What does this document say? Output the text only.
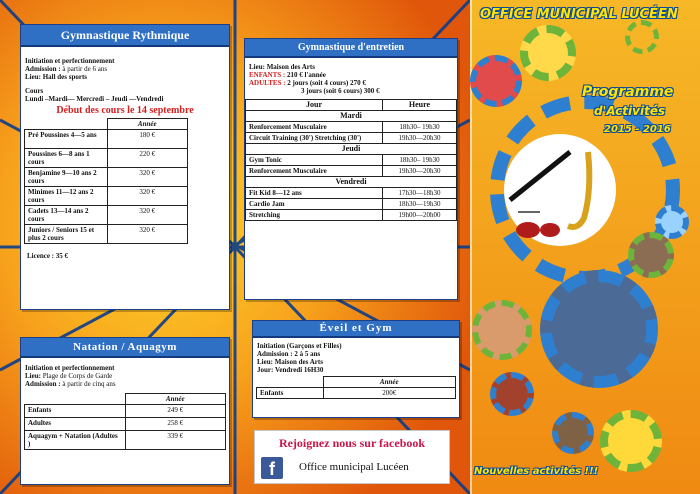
OFFICE MUNICIPAL LUCÉEN
Programme
d'Activités
2015 - 2016
Nouvelles activités !!!
Gymnastique Rythmique
Initiation et perfectionnement
Admission : à partir de 6 ans
Lieu: Hall des sports
Cours
Lundi –Mardi— Mercredi – Jeudi —Vendredi
Début des cours le 14 septembre
	Année
Pré Poussines 4—5 ans	180 €
Poussines 6—8 ans 1 cours	220 €
Benjamine 9—10 ans 2 cours	320 €
Minimes 11—12 ans 2 cours	320 €
Cadets 13—14 ans 2 cours	320 €
Juniors / Seniors 15 et plus 2 cours	320 €
Licence : 35 €
Gymnastique d'entretien
Lieu: Maison des Arts
ENFANTS : 210 € l'année
ADULTES : 2 jours (soit 4 cours) 270 €
3 jours (soit 6 cours) 300 €
Jour	Heure
Mardi	
Renforcement Musculaire	18h30– 19h30
Circuit Training (30') Stretching (30')	19h30—20h30
Jeudi	
Gym Tonic	18h30– 19h30
Renforcement Musculaire	19h30—20h30
Vendredi	
Fit Kid 8—12 ans	17h30—18h30
Cardio Jam	18h30—19h30
Stretching	19h00—20h00
Natation / Aquagym
Initiation et perfectionnement
Lieu: Plage de Corps de Garde
Admission : à partir de cinq ans
	Année
Enfants	249 €
Adultes	258 €
Aquagym + Natation (Adultes )	339 €
Éveil et Gym
Initiation (Garçons et Filles)
Admission : 2 à 5 ans
Lieu: Maison des Arts
Jour: Vendredi 16H30
	Année
Enfants	200€
Rejoignez nous sur facebook
f	Office municipal Lucéen
